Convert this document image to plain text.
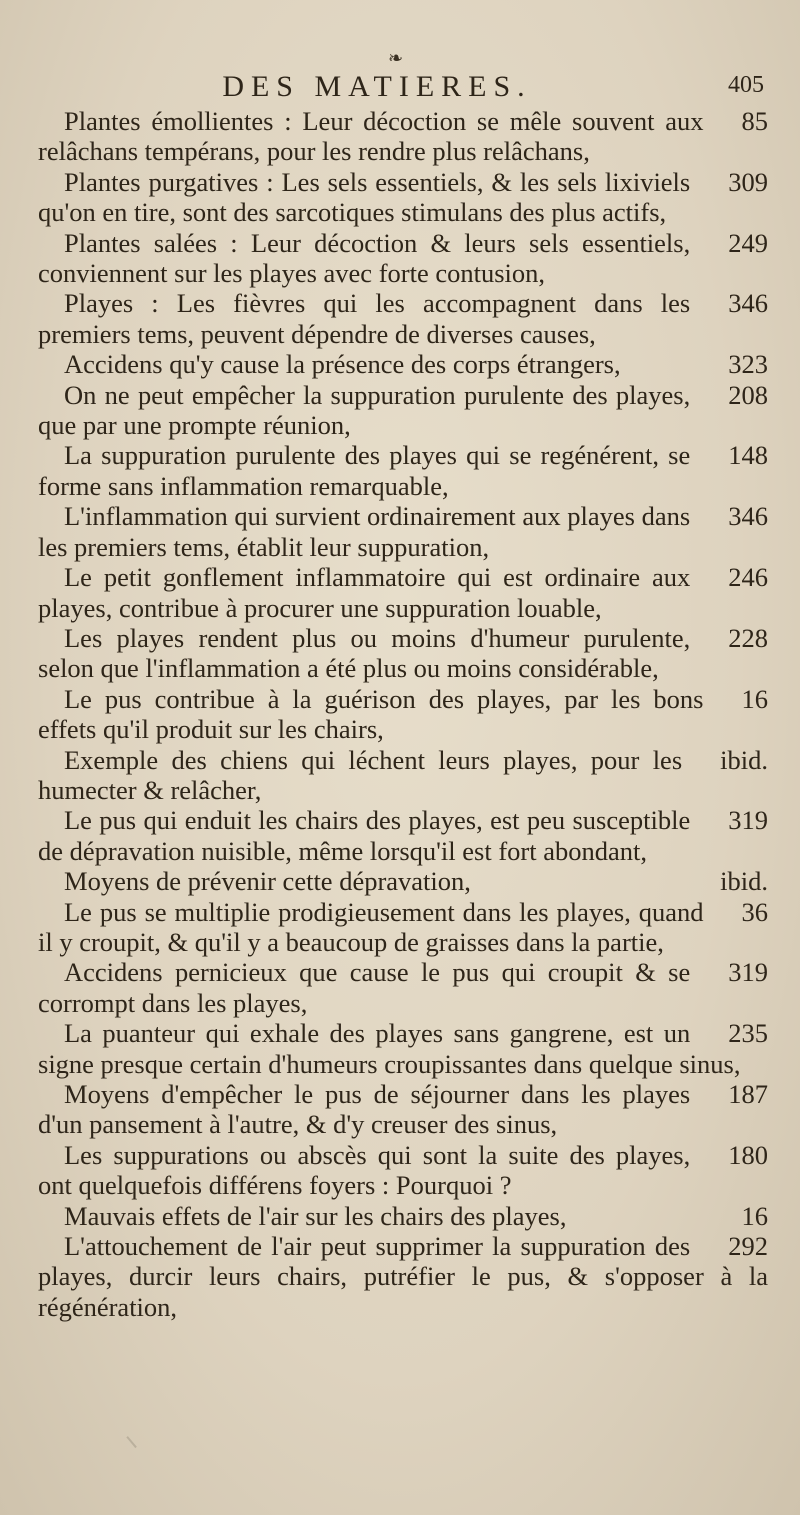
❧
DES MATIERES.	405

85
Plantes émollientes : Leur décoction se mêle souvent aux relâchans tempérans, pour les rendre plus relâchans,

309
Plantes purgatives : Les sels essentiels, & les sels lixiviels qu'on en tire, sont des sarcotiques stimulans des plus actifs,

249
Plantes salées : Leur décoction & leurs sels essentiels, conviennent sur les playes avec forte contusion,

346
Playes : Les fièvres qui les accompagnent dans les premiers tems, peuvent dépendre de diverses causes,

323
Accidens qu'y cause la présence des corps étrangers,

208
On ne peut empêcher la suppuration purulente des playes, que par une prompte réunion,

148
La suppuration purulente des playes qui se regénérent, se forme sans inflammation remarquable,

346
L'inflammation qui survient ordinairement aux playes dans les premiers tems, établit leur suppuration,

246
Le petit gonflement inflammatoire qui est ordinaire aux playes, contribue à procurer une suppuration louable,

228
Les playes rendent plus ou moins d'humeur purulente, selon que l'inflammation a été plus ou moins considérable,

16
Le pus contribue à la guérison des playes, par les bons effets qu'il produit sur les chairs,

ibid.
Exemple des chiens qui léchent leurs playes, pour les humecter & relâcher,

319
Le pus qui enduit les chairs des playes, est peu susceptible de dépravation nuisible, même lorsqu'il est fort abondant,

ibid.
Moyens de prévenir cette dépravation,

36
Le pus se multiplie prodigieusement dans les playes, quand il y croupit, & qu'il y a beaucoup de graisses dans la partie,

319
Accidens pernicieux que cause le pus qui croupit & se corrompt dans les playes,

235
La puanteur qui exhale des playes sans gangrene, est un signe presque certain d'humeurs croupissantes dans quelque sinus,

187
Moyens d'empêcher le pus de séjourner dans les playes d'un pansement à l'autre, & d'y creuser des sinus,

180
Les suppurations ou abscès qui sont la suite des playes, ont quelquefois différens foyers : Pourquoi ?

16
Mauvais effets de l'air sur les chairs des playes,

292
L'attouchement de l'air peut supprimer la suppuration des playes, durcir leurs chairs, putréfier le pus, & s'opposer à la régénération,
